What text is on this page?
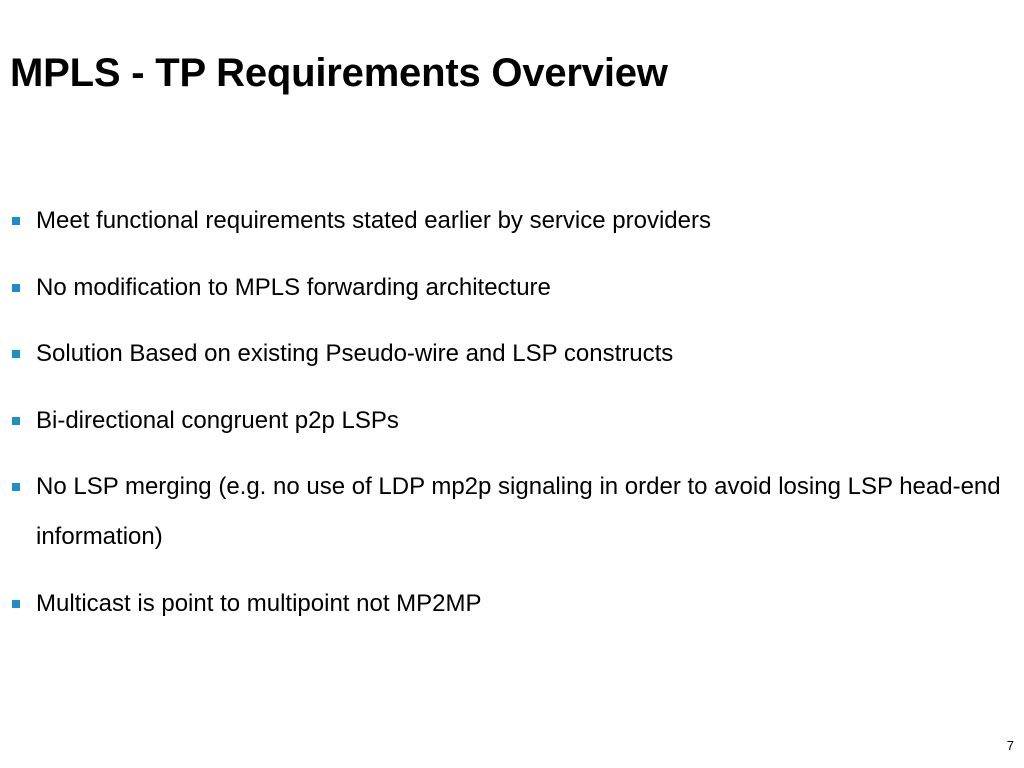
MPLS - TP Requirements Overview
Meet functional requirements stated earlier by service providers
No modification to MPLS forwarding architecture
Solution Based on existing Pseudo-wire and LSP constructs
Bi-directional congruent p2p LSPs
No LSP merging (e.g. no use of LDP mp2p signaling in order to avoid losing LSP head-end information)
Multicast is point to multipoint not MP2MP
7
